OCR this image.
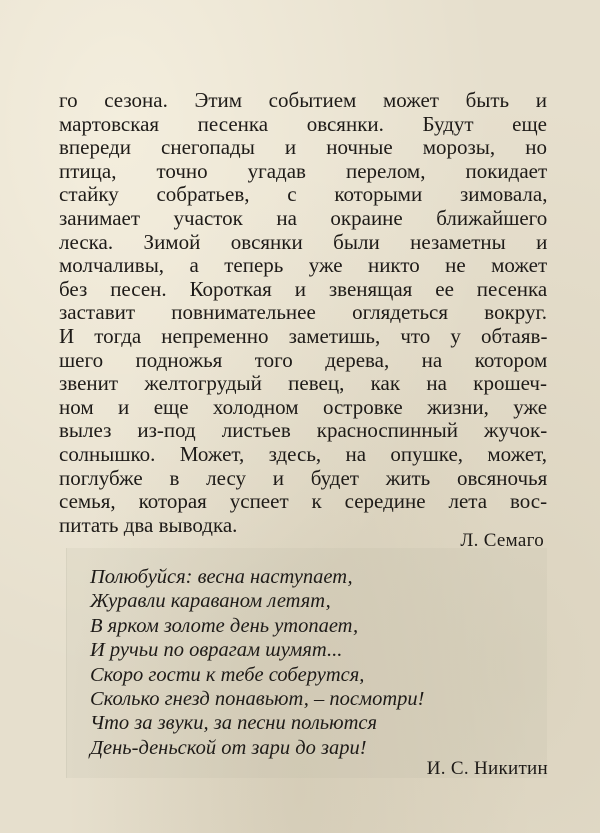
го сезона. Этим событием может быть и
мартовская песенка овсянки. Будут еще
впереди снегопады и ночные морозы, но
птица, точно угадав перелом, покидает
стайку собратьев, с которыми зимовала,
занимает участок на окраине ближайшего
леска. Зимой овсянки были незаметны и
молчаливы, а теперь уже никто не может
без песен. Короткая и звенящая ее песенка
заставит повнимательнее оглядеться вокруг.
И тогда непременно заметишь, что у обтаяв-
шего подножья того дерева, на котором
звенит желтогрудый певец, как на крошеч-
ном и еще холодном островке жизни, уже
вылез из-под листьев красноспинный жучок-
солнышко. Может, здесь, на опушке, может,
поглубже в лесу и будет жить овсяночья
семья, которая успеет к середине лета вос-
питать два выводка.
Л. Семаго
Полюбуйся: весна наступает,
Журавли караваном летят,
В ярком золоте день утопает,
И ручьи по оврагам шумят...
Скоро гости к тебе соберутся,
Сколько гнезд понавьют, – посмотри!
Что за звуки, за песни польются
День-деньской от зари до зари!
И. С. Никитин
